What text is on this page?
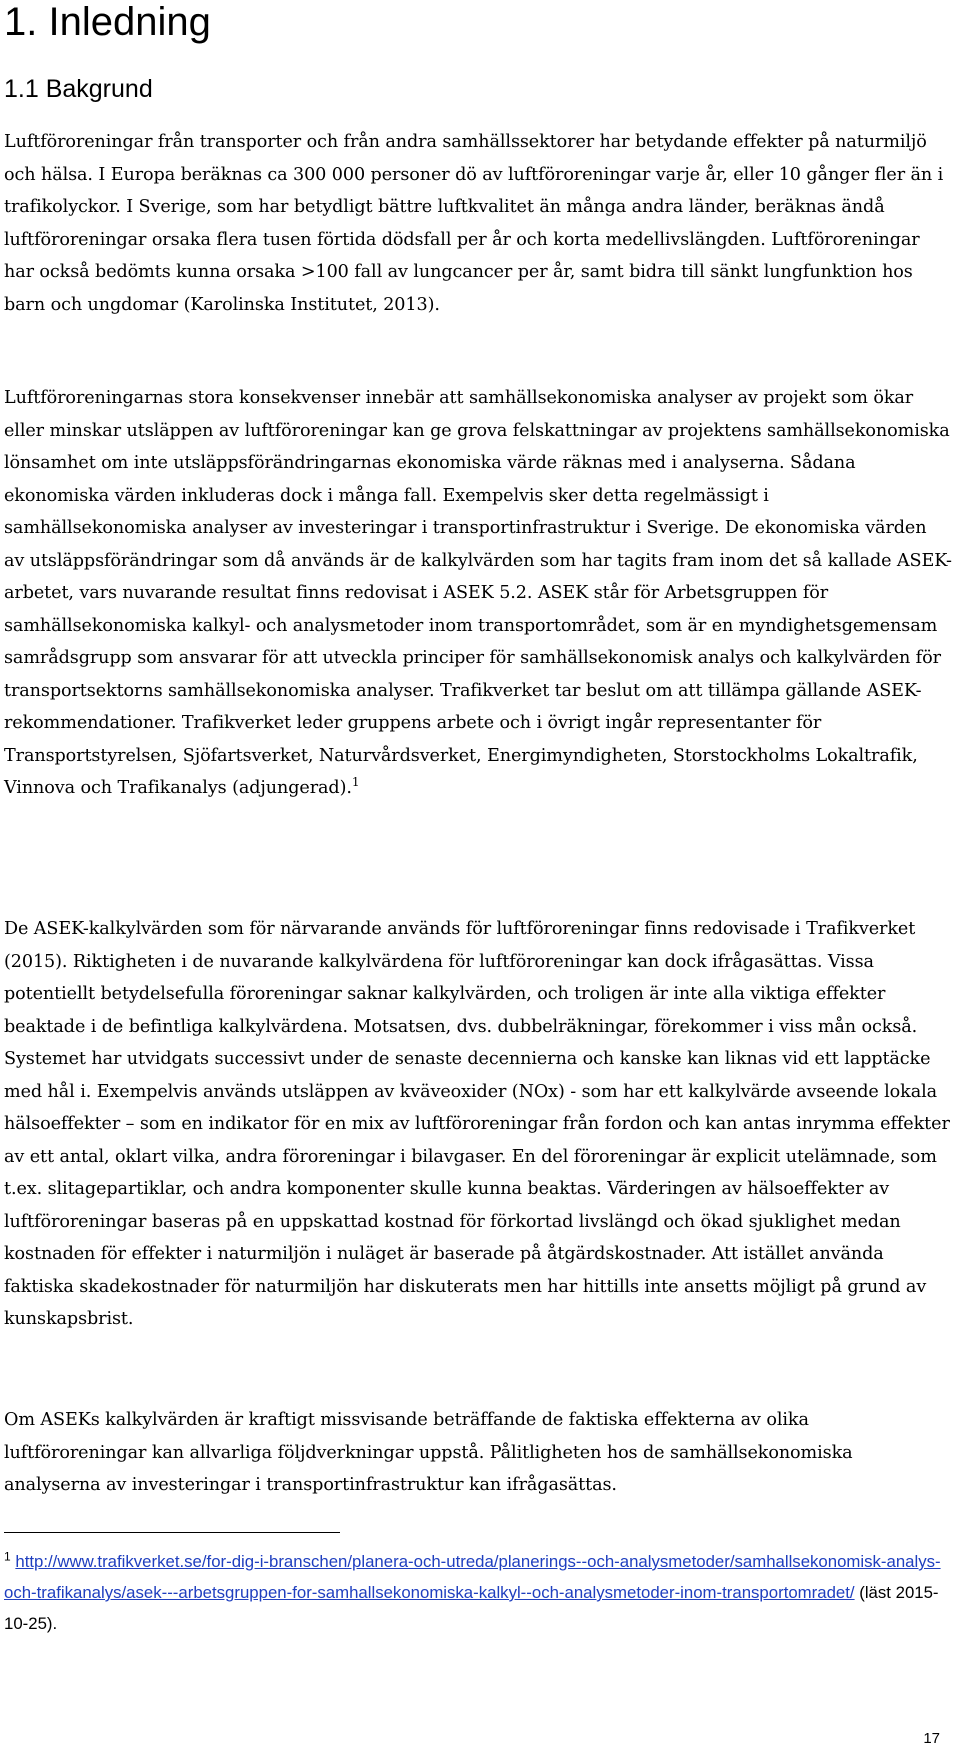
1. Inledning
1.1 Bakgrund

Luftföroreningar från transporter och från andra samhällssektorer har betydande effekter på naturmiljö och hälsa. I Europa beräknas ca 300 000 personer dö av luftföroreningar varje år, eller 10 gånger fler än i trafikolyckor. I Sverige, som har betydligt bättre luftkvalitet än många andra länder, beräknas ändå luftföroreningar orsaka flera tusen förtida dödsfall per år och korta medellivslängden. Luftföroreningar har också bedömts kunna orsaka >100 fall av lungcancer per år, samt bidra till sänkt lungfunktion hos barn och ungdomar (Karolinska Institutet, 2013).

Luftföroreningarnas stora konsekvenser innebär att samhällsekonomiska analyser av projekt som ökar eller minskar utsläppen av luftföroreningar kan ge grova felskattningar av projektens samhällsekonomiska lönsamhet om inte utsläppsförändringarnas ekonomiska värde räknas med i analyserna. Sådana ekonomiska värden inkluderas dock i många fall. Exempelvis sker detta regelmässigt i samhällsekonomiska analyser av investeringar i transportinfrastruktur i Sverige. De ekonomiska värden av utsläppsförändringar som då används är de kalkylvärden som har tagits fram inom det så kallade ASEK-arbetet, vars nuvarande resultat finns redovisat i ASEK 5.2. ASEK står för Arbetsgruppen för samhällsekonomiska kalkyl- och analysmetoder inom transportområdet, som är en myndighetsgemensam samrådsgrupp som ansvarar för att utveckla principer för samhällsekonomisk analys och kalkylvärden för transportsektorns samhällsekonomiska analyser. Trafikverket tar beslut om att tillämpa gällande ASEK-rekommendationer. Trafikverket leder gruppens arbete och i övrigt ingår representanter för Transportstyrelsen, Sjöfartsverket, Naturvårdsverket, Energimyndigheten, Storstockholms Lokaltrafik, Vinnova och Trafikanalys (adjungerad).$^1$

De ASEK-kalkylvärden som för närvarande används för luftföroreningar finns redovisade i Trafikverket (2015). Riktigheten i de nuvarande kalkylvärdena för luftföroreningar kan dock ifrågasättas. Vissa potentiellt betydelsefulla föroreningar saknar kalkylvärden, och troligen är inte alla viktiga effekter beaktade i de befintliga kalkylvärdena. Motsatsen, dvs. dubbelräkningar, förekommer i viss mån också. Systemet har utvidgats successivt under de senaste decennierna och kanske kan liknas vid ett lapptäcke med hål i. Exempelvis används utsläppen av kväveoxider (NOx) - som har ett kalkylvärde avseende lokala hälsoeffekter – som en indikator för en mix av luftföroreningar från fordon och kan antas inrymma effekter av ett antal, oklart vilka, andra föroreningar i bilavgaser. En del föroreningar är explicit utelämnade, som t.ex. slitagepartiklar, och andra komponenter skulle kunna beaktas. Värderingen av hälsoeffekter av luftföroreningar baseras på en uppskattad kostnad för förkortad livslängd och ökad sjuklighet medan kostnaden för effekter i naturmiljön i nuläget är baserade på åtgärdskostnader. Att istället använda faktiska skadekostnader för naturmiljön har diskuterats men har hittills inte ansetts möjligt på grund av kunskapsbrist.

Om ASEKs kalkylvärden är kraftigt missvisande beträffande de faktiska effekterna av olika luftföroreningar kan allvarliga följdverkningar uppstå. Pålitligheten hos de samhällsekonomiska analyserna av investeringar i transportinfrastruktur kan ifrågasättas.

$^1$ http://www.trafikverket.se/for-dig-i-branschen/planera-och-utreda/planerings--och-analysmetoder/samhallsekonomisk-analys-och-trafikanalys/asek---arbetsgruppen-for-samhallsekonomiska-kalkyl--och-analysmetoder-inom-transportomradet/ (läst 2015-10-25).

17
